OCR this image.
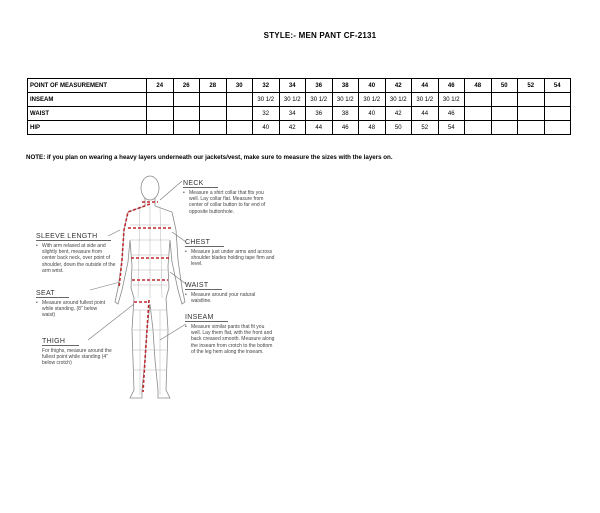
STYLE:- MEN PANT CF-2131
POINT OF MEASUREMENT	24	26	28	30	32	34	36	38	40	42	44	46	48	50	52	54
INSEAM					30 1/2	30 1/2	30 1/2	30 1/2	30 1/2	30 1/2	30 1/2	30 1/2				
WAIST					32	34	36	38	40	42	44	46				
HIP					40	42	44	46	48	50	52	54				
NOTE: if you plan on wearing a heavy layers underneath our jackets/vest, make sure to measure the sizes with the layers on.
NECK
• Measure a shirt collar that fits you well. Lay collar flat. Measure from center of collar button to far end of opposite buttonhole.
CHEST
• Measure just under arms and across shoulder blades holding tape firm and level.
WAIST
• Measure around your natural waistline.
INSEAM
• Measure similar pants that fit you well. Lay them flat, with the front and back creased smooth. Measure along the inseam from crotch to the bottom of the leg hem along the inseam.
SLEEVE LENGTH
• With arm relaxed at side and slightly bent, measure from center back neck, over point of shoulder, down the outside of the arm wrist.
SEAT
• Measure around fullest point while standing. (8" below waist)
THIGH
For thighs, measure around the fullest point while standing (4" below crotch)
